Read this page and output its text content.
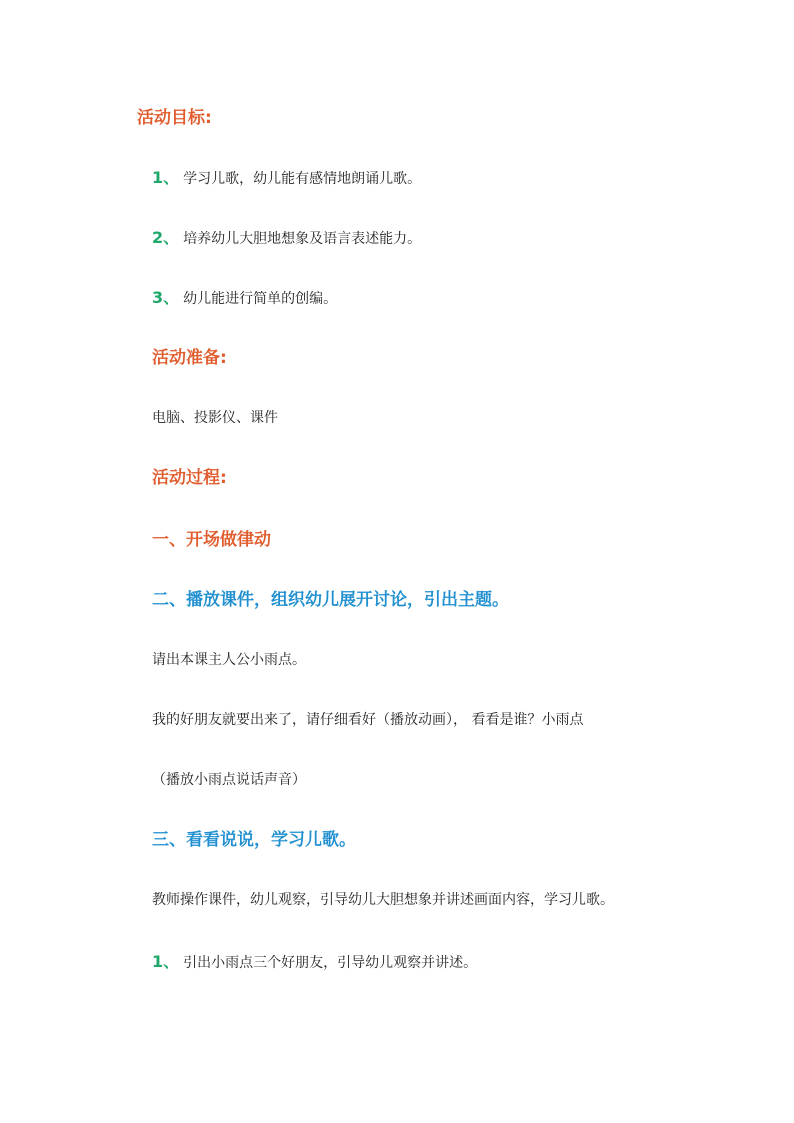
活动目标:
1、 学习儿歌，幼儿能有感情地朗诵儿歌。
2、 培养幼儿大胆地想象及语言表述能力。
3、 幼儿能进行简单的创编。
活动准备:
电脑、投影仪、课件
活动过程:
一、开场做律动
二、播放课件，组织幼儿展开讨论，引出主题。
请出本课主人公小雨点。
我的好朋友就要出来了，请仔细看好（播放动画）， 看看是谁？小雨点
（播放小雨点说话声音）
三、看看说说，学习儿歌。
教师操作课件，幼儿观察，引导幼儿大胆想象并讲述画面内容，学习儿歌。
1、 引出小雨点三个好朋友，引导幼儿观察并讲述。
